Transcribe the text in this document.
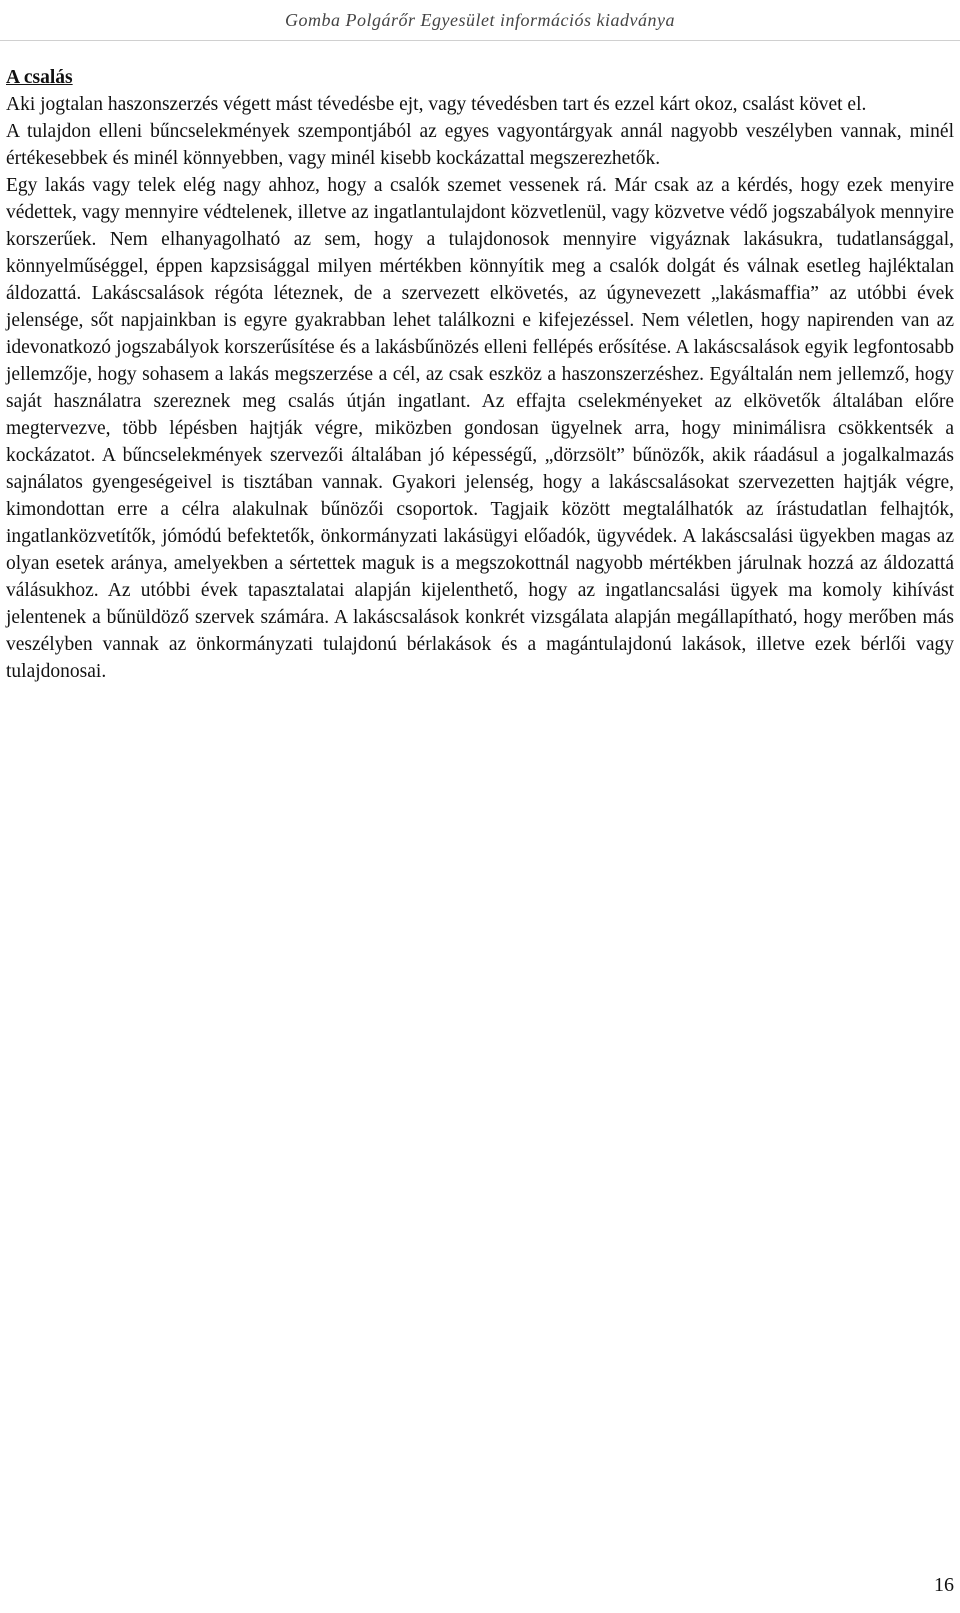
Gomba Polgárőr Egyesület információs kiadványa

A csalás

Aki jogtalan haszonszerzés végett mást tévedésbe ejt, vagy tévedésben tart és ezzel kárt okoz, csalást követ el.

A tulajdon elleni bűncselekmények szempontjából az egyes vagyontárgyak annál nagyobb veszélyben vannak, minél értékesebbek és minél könnyebben, vagy minél kisebb kockázattal megszerezhetők.

Egy lakás vagy telek elég nagy ahhoz, hogy a csalók szemet vessenek rá. Már csak az a kérdés, hogy ezek menyire védettek, vagy mennyire védtelenek, illetve az ingatlantulajdont közvetlenül, vagy közvetve védő jogszabályok mennyire korszerűek. Nem elhanyagolható az sem, hogy a tulajdonosok mennyire vigyáznak lakásukra, tudatlansággal, könnyelműséggel, éppen kapzsisággal milyen mértékben könnyítik meg a csalók dolgát és válnak esetleg hajléktalan áldozattá. Lakáscsalások régóta léteznek, de a szervezett elkövetés, az úgynevezett „lakásmaffia” az utóbbi évek jelensége, sőt napjainkban is egyre gyakrabban lehet találkozni e kifejezéssel. Nem véletlen, hogy napirenden van az idevonatkozó jogszabályok korszerűsítése és a lakásbűnözés elleni fellépés erősítése. A lakáscsalások egyik legfontosabb jellemzője, hogy sohasem a lakás megszerzése a cél, az csak eszköz a haszonszerzéshez. Egyáltalán nem jellemző, hogy saját használatra szereznek meg csalás útján ingatlant. Az effajta cselekményeket az elkövetők általában előre megtervezve, több lépésben hajtják végre, miközben gondosan ügyelnek arra, hogy minimálisra csökkentsék a kockázatot. A bűncselekmények szervezői általában jó képességű, „dörzsölt” bűnözők, akik ráadásul a jogalkalmazás sajnálatos gyengeségeivel is tisztában vannak. Gyakori jelenség, hogy a lakáscsalásokat szervezetten hajtják végre, kimondottan erre a célra alakulnak bűnözői csoportok. Tagjaik között megtalálhatók az írástudatlan felhajtók, ingatlanközvetítők, jómódú befektetők, önkormányzati lakásügyi előadók, ügyvédek. A lakáscsalási ügyekben magas az olyan esetek aránya, amelyekben a sértettek maguk is a megszokottnál nagyobb mértékben járulnak hozzá az áldozattá válásukhoz. Az utóbbi évek tapasztalatai alapján kijelenthető, hogy az ingatlancsalási ügyek ma komoly kihívást jelentenek a bűnüldöző szervek számára. A lakáscsalások konkrét vizsgálata alapján megállapítható, hogy merőben más veszélyben vannak az önkormányzati tulajdonú bérlakások és a magántulajdonú lakások, illetve ezek bérlői vagy tulajdonosai.

16
